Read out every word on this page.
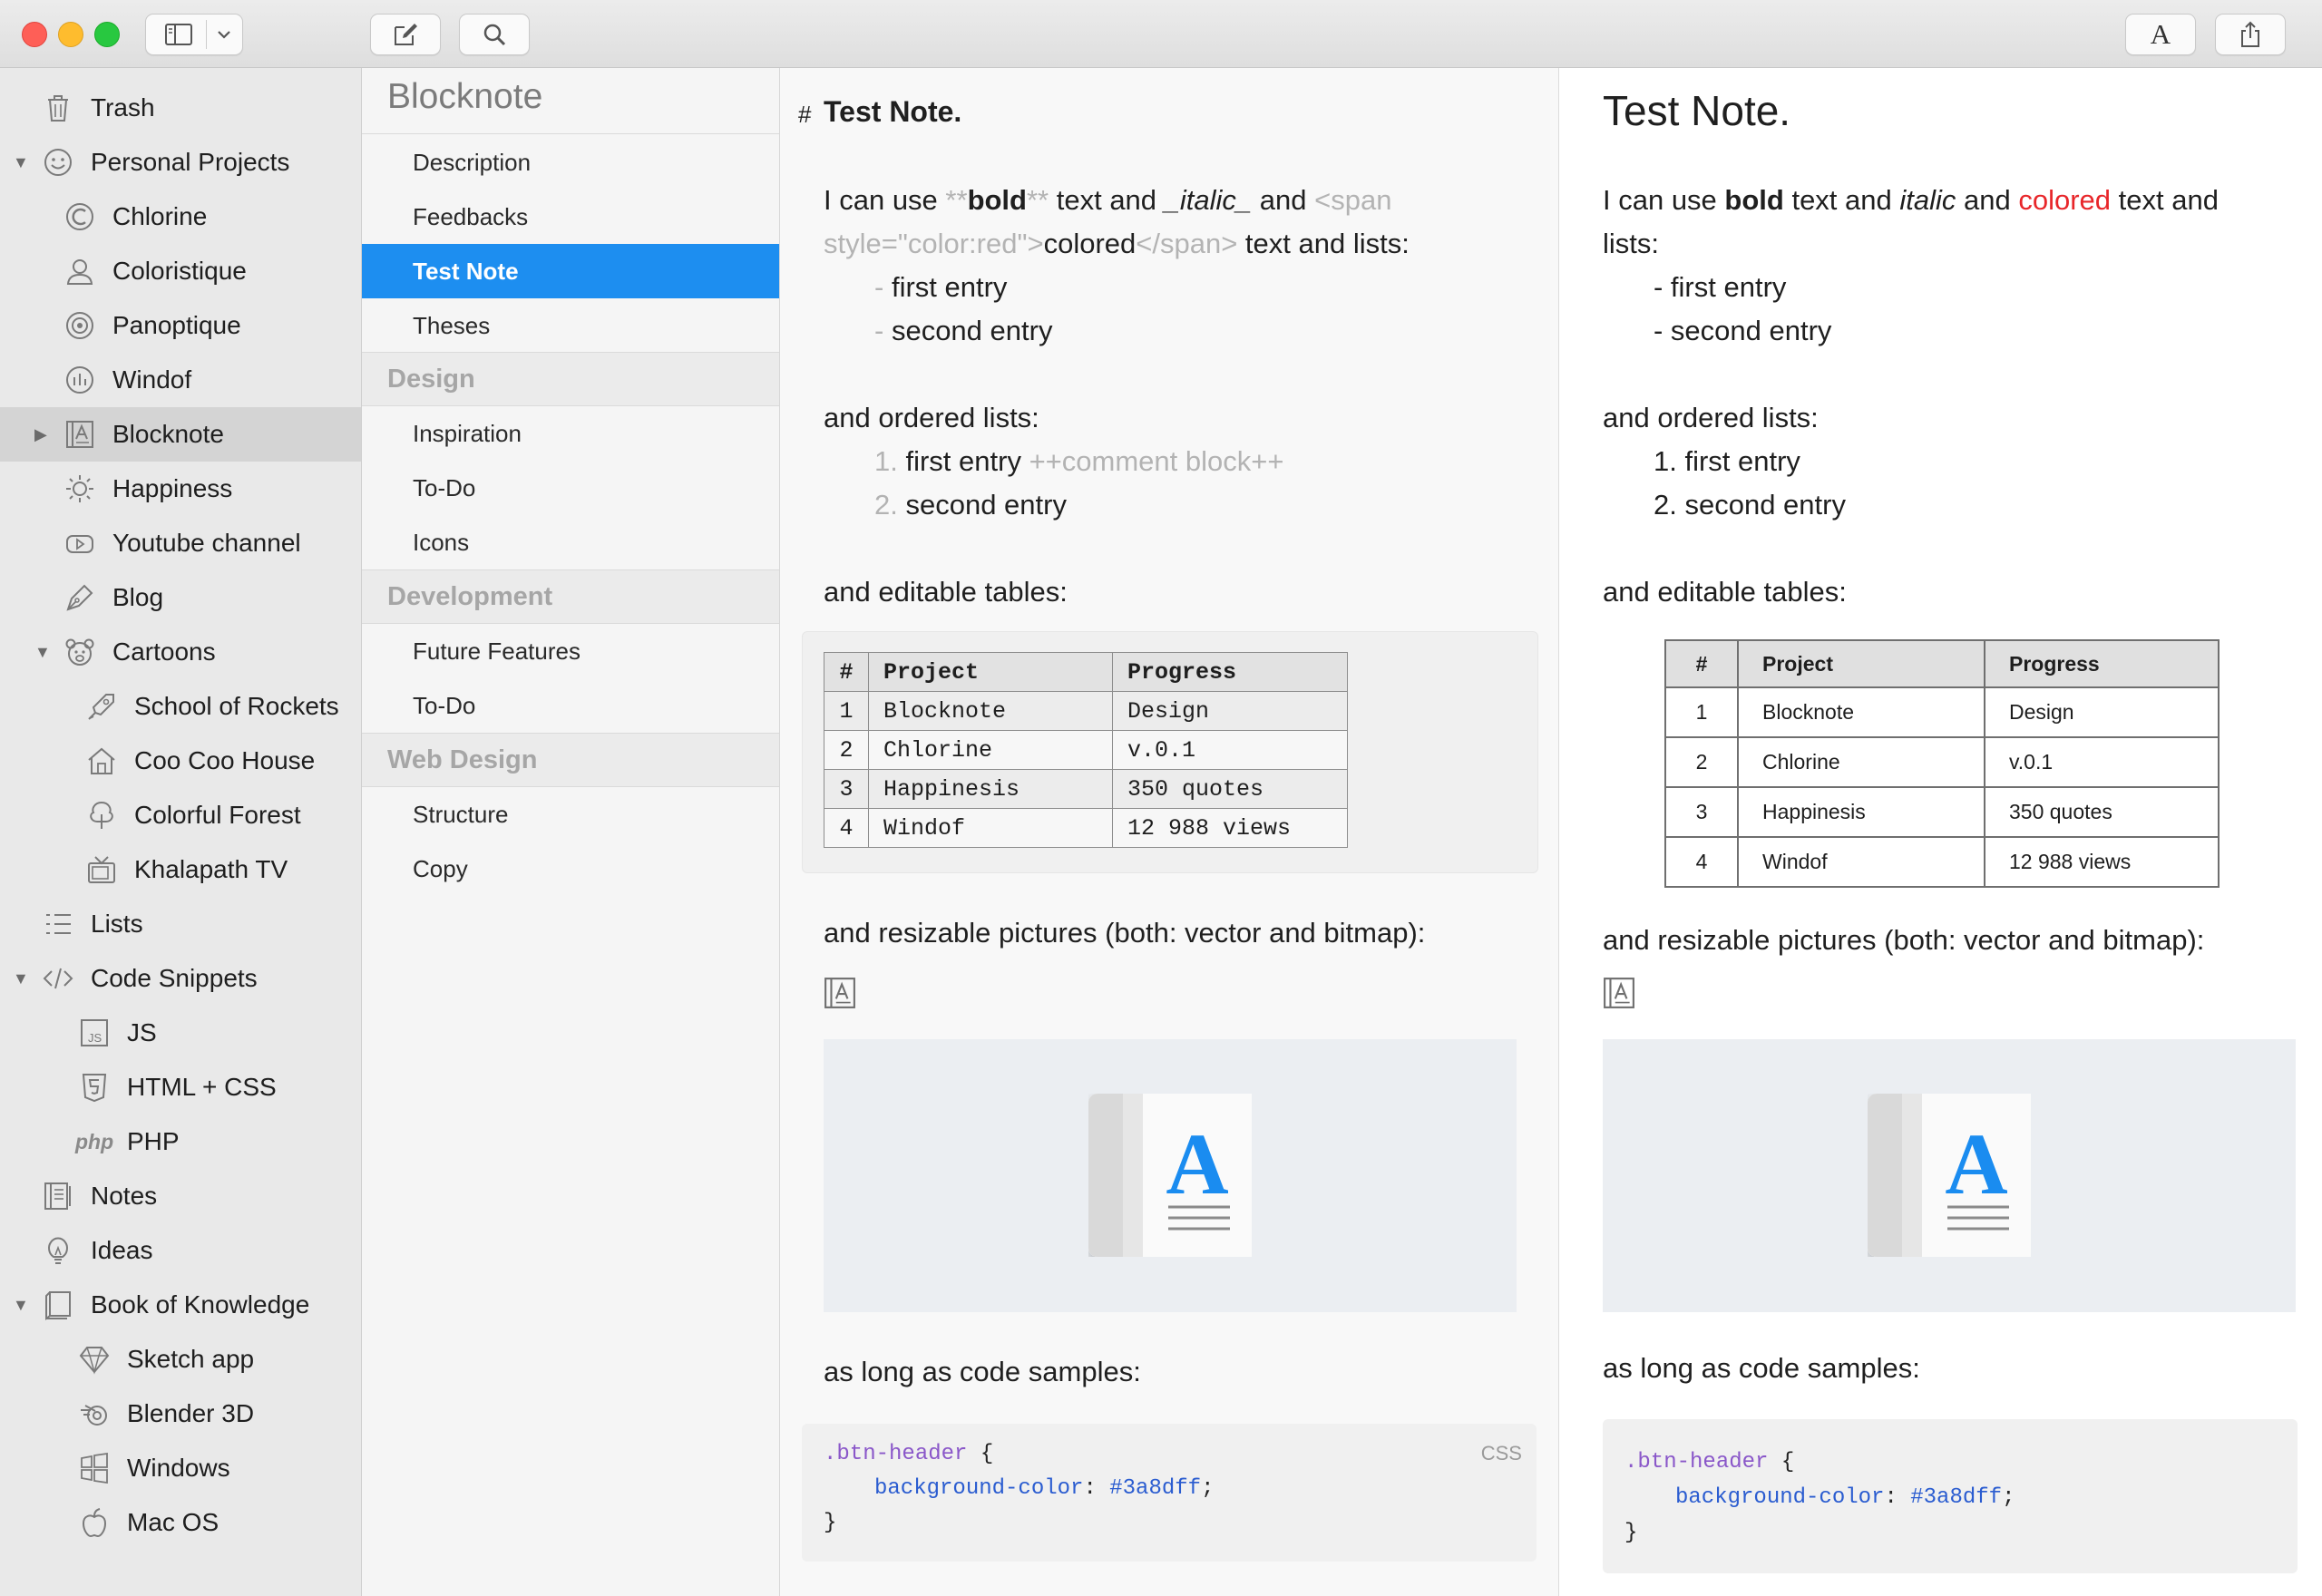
A
Trash
▼ Personal Projects
Chlorine
Coloristique
Panoptique
Windof
▶	Blocknote
Happiness
Youtube channel
Blog
▼ Cartoons
School of Rockets
Coo Coo House
Colorful Forest
Khalapath TV
Lists
▼ Code Snippets
JS JS
HTML + CSS
php PHP
Notes
Ideas
▼ Book of Knowledge
Sketch app
Blender 3D
Windows
Mac OS
Blocknote
Description
Feedbacks
Test Note
Theses
Design
Inspiration
To-Do
Icons
Development
Future Features
To-Do
Web Design
Structure
Copy
# Test Note.
I can use **bold** text and _italic_ and <span
style="color:red">colored</span> text and lists:
- first entry
- second entry
and ordered lists:
1. first entry ++comment block++
2. second entry
and editable tables:
#	Project	Progress
1	Blocknote	Design
2	Chlorine	v.0.1
3	Happinesis	350 quotes
4	Windof	12 988 views
and resizable pictures (both: vector and bitmap):
A
as long as code samples:
CSS
.btn-header {
background-color: #3a8dff;
}
Test Note.
I can use bold text and italic and colored text and
lists:
- first entry
- second entry
and ordered lists:
1. first entry
2. second entry
and editable tables:
#	Project	Progress
1	Blocknote	Design
2	Chlorine	v.0.1
3	Happinesis	350 quotes
4	Windof	12 988 views
and resizable pictures (both: vector and bitmap):
A
as long as code samples:
.btn-header {
background-color: #3a8dff;
}
